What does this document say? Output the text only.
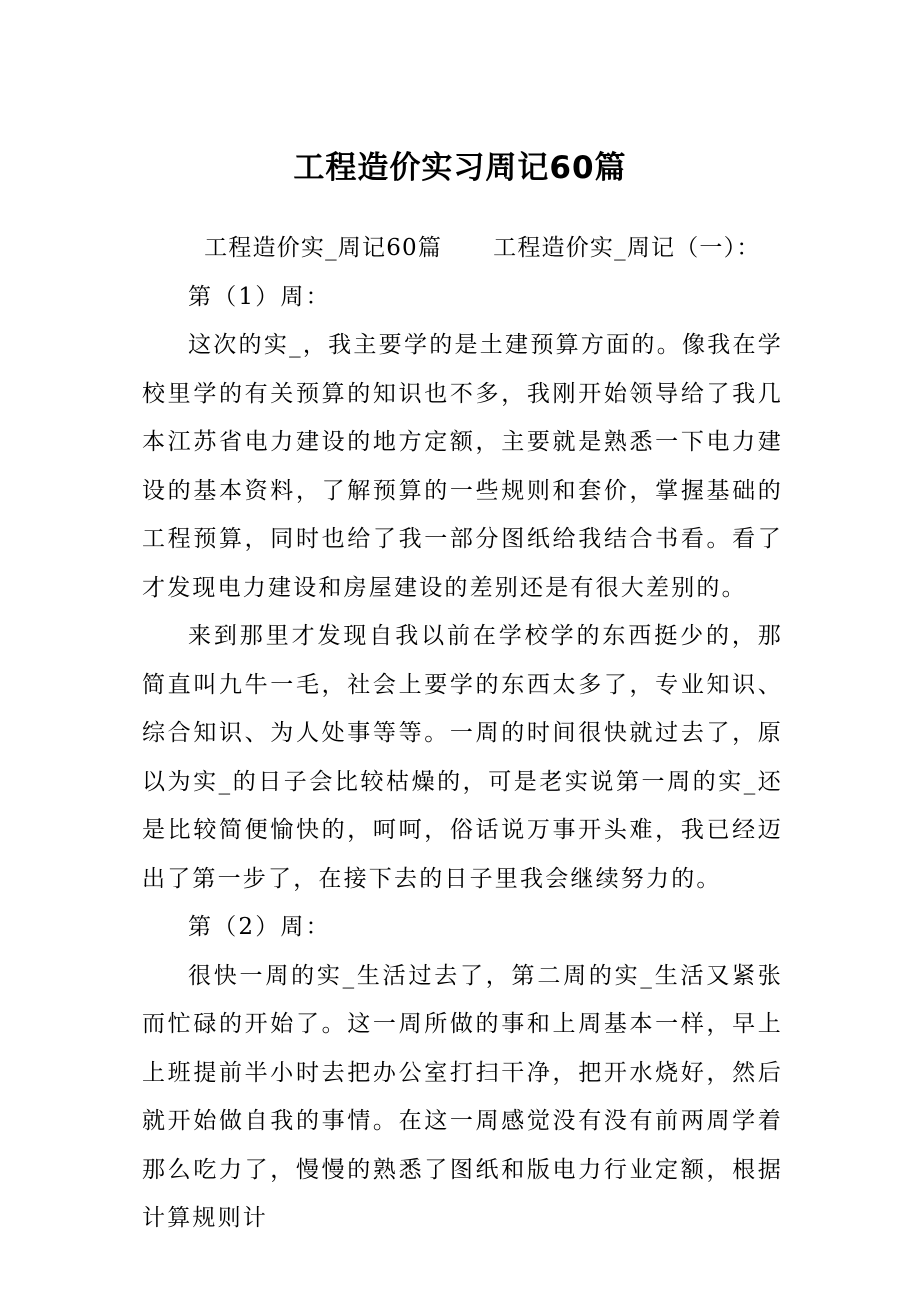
工程造价实习周记60篇

工程造价实_周记60篇      工程造价实_周记（一）：

第（1）周：

这次的实_，我主要学的是土建预算方面的。像我在学校里学的有关预算的知识也不多，我刚开始领导给了我几本江苏省电力建设的地方定额，主要就是熟悉一下电力建设的基本资料，了解预算的一些规则和套价，掌握基础的工程预算，同时也给了我一部分图纸给我结合书看。看了才发现电力建设和房屋建设的差别还是有很大差别的。

来到那里才发现自我以前在学校学的东西挺少的，那简直叫九牛一毛，社会上要学的东西太多了，专业知识、综合知识、为人处事等等。一周的时间很快就过去了，原以为实_的日子会比较枯燥的，可是老实说第一周的实_还是比较简便愉快的，呵呵，俗话说万事开头难，我已经迈出了第一步了，在接下去的日子里我会继续努力的。

第（2）周：

很快一周的实_生活过去了，第二周的实_生活又紧张而忙碌的开始了。这一周所做的事和上周基本一样，早上上班提前半小时去把办公室打扫干净，把开水烧好，然后就开始做自我的事情。在这一周感觉没有没有前两周学着那么吃力了，慢慢的熟悉了图纸和版电力行业定额，根据计算规则计
